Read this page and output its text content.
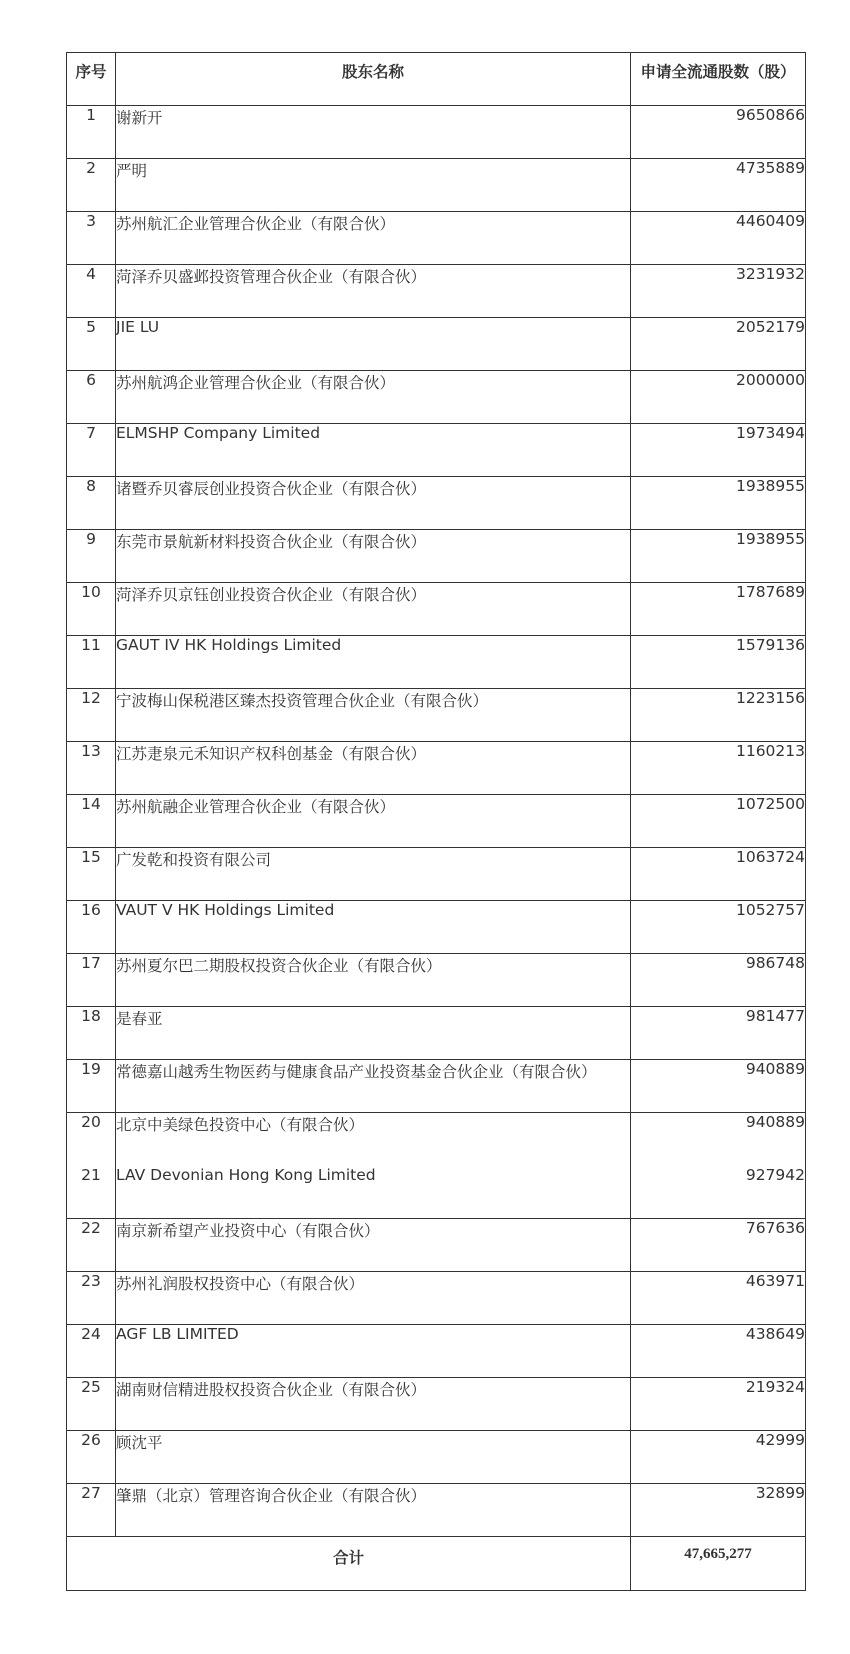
序号	股东名称	申请全流通股数（股）
1	谢新开	9650866
2	严明	4735889
3	苏州航汇企业管理合伙企业（有限合伙）	4460409
4	菏泽乔贝盛邺投资管理合伙企业（有限合伙）	3231932
5	JIE LU	2052179
6	苏州航鸿企业管理合伙企业（有限合伙）	2000000
7	ELMSHP Company Limited	1973494
8	诸暨乔贝睿辰创业投资合伙企业（有限合伙）	1938955
9	东莞市景航新材料投资合伙企业（有限合伙）	1938955
10	菏泽乔贝京钰创业投资合伙企业（有限合伙）	1787689
11	GAUT IV HK Holdings Limited	1579136
12	宁波梅山保税港区臻杰投资管理合伙企业（有限合伙）	1223156
13	江苏疌泉元禾知识产权科创基金（有限合伙）	1160213
14	苏州航融企业管理合伙企业（有限合伙）	1072500
15	广发乾和投资有限公司	1063724
16	VAUT V HK Holdings Limited	1052757
17	苏州夏尔巴二期股权投资合伙企业（有限合伙）	986748
18	是春亚	981477
19	常德嘉山越秀生物医药与健康食品产业投资基金合伙企业（有限合伙）	940889
20	北京中美绿色投资中心（有限合伙）	940889
21	LAV Devonian Hong Kong Limited	927942
22	南京新希望产业投资中心（有限合伙）	767636
23	苏州礼润股权投资中心（有限合伙）	463971
24	AGF LB LIMITED	438649
25	湖南财信精进股权投资合伙企业（有限合伙）	219324
26	顾沈平	42999
27	肇鼎（北京）管理咨询合伙企业（有限合伙）	32899
合计		47,665,277
